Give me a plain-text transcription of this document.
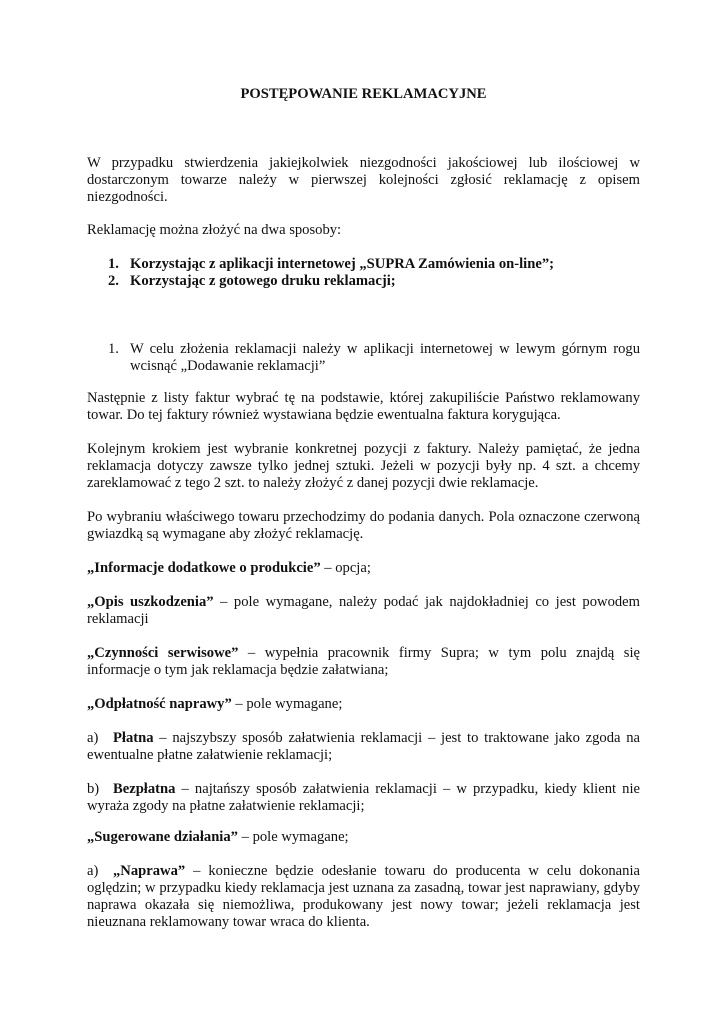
POSTĘPOWANIE REKLAMACYJNE

W przypadku stwierdzenia jakiejkolwiek niezgodności jakościowej lub ilościowej w dostarczonym towarze należy w pierwszej kolejności zgłosić reklamację z opisem niezgodności.

Reklamację można złożyć na dwa sposoby:

1. Korzystając z aplikacji internetowej „SUPRA Zamówienia on-line”;
2. Korzystając z gotowego druku reklamacji;
1. W celu złożenia reklamacji należy w aplikacji internetowej w lewym górnym rogu wcisnąć „Dodawanie reklamacji”

Następnie z listy faktur wybrać tę na podstawie, której zakupiliście Państwo reklamowany towar. Do tej faktury również wystawiana będzie ewentualna faktura korygująca.

Kolejnym krokiem jest wybranie konkretnej pozycji z faktury. Należy pamiętać, że jedna reklamacja dotyczy zawsze tylko jednej sztuki. Jeżeli w pozycji były np. 4 szt. a chcemy zareklamować z tego 2 szt. to należy złożyć z danej pozycji dwie reklamacje.

Po wybraniu właściwego towaru przechodzimy do podania danych. Pola oznaczone czerwoną gwiazdką są wymagane aby złożyć reklamację.

„Informacje dodatkowe o produkcie” – opcja;

„Opis uszkodzenia” – pole wymagane, należy podać jak najdokładniej co jest powodem reklamacji

„Czynności serwisowe” – wypełnia pracownik firmy Supra; w tym polu znajdą się informacje o tym jak reklamacja będzie załatwiana;

„Odpłatność naprawy” – pole wymagane;

a) Płatna – najszybszy sposób załatwienia reklamacji – jest to traktowane jako zgoda na ewentualne płatne załatwienie reklamacji;

b) Bezpłatna – najtańszy sposób załatwienia reklamacji – w przypadku, kiedy klient nie wyraża zgody na płatne załatwienie reklamacji;

„Sugerowane działania” – pole wymagane;

a) „Naprawa” – konieczne będzie odesłanie towaru do producenta w celu dokonania oględzin; w przypadku kiedy reklamacja jest uznana za zasadną, towar jest naprawiany, gdyby naprawa okazała się niemożliwa, produkowany jest nowy towar; jeżeli reklamacja jest nieuznana reklamowany towar wraca do klienta.
